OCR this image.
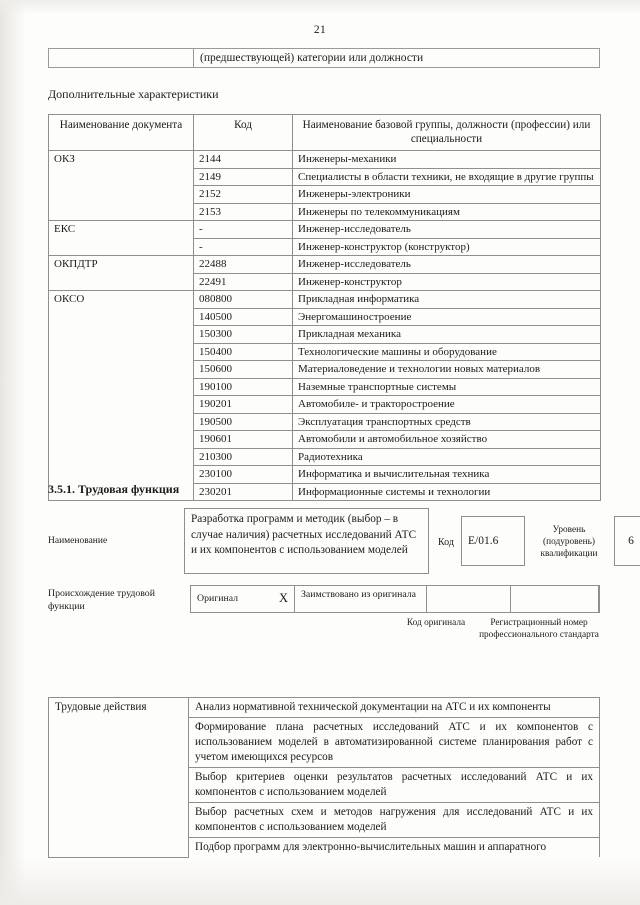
21
(предшествующей) категории или должности
Дополнительные характеристики
Наименование документа	Код	Наименование базовой группы, должности (профессии) или специальности
ОКЗ	2144	Инженеры-механики
	2149	Специалисты в области техники, не входящие в другие группы
	2152	Инженеры-электроники
	2153	Инженеры по телекоммуникациям
ЕКС	-	Инженер-исследователь
	-	Инженер-конструктор (конструктор)
ОКПДТР	22488	Инженер-исследователь
	22491	Инженер-конструктор
ОКСО	080800	Прикладная информатика
	140500	Энергомашиностроение
	150300	Прикладная механика
	150400	Технологические машины и оборудование
	150600	Материаловедение и технологии новых материалов
	190100	Наземные транспортные системы
	190201	Автомобиле- и тракторостроение
	190500	Эксплуатация транспортных средств
	190601	Автомобили и автомобильное хозяйство
	210300	Радиотехника
	230100	Информатика и вычислительная техника
	230201	Информационные системы и технологии
3.5.1. Трудовая функция
Наименование
Разработка программ и методик (выбор – в случае наличия) расчетных исследований АТС и их компонентов с использованием моделей
Код	Е/01.6
Уровень (подуровень) квалификации
6
Происхождение трудовой функции
Оригинал	X	Заимствовано из оригинала
Код оригинала	Регистрационный номер профессионального стандарта
Трудовые действия	Анализ нормативной технической документации на АТС и их компоненты
Формирование плана расчетных исследований АТС и их компонентов с использованием моделей в автоматизированной системе планирования работ с учетом имеющихся ресурсов
Выбор критериев оценки результатов расчетных исследований АТС и их компонентов с использованием моделей
Выбор расчетных схем и методов нагружения для исследований АТС и их компонентов с использованием моделей
Подбор программ для электронно-вычислительных машин и аппаратного
